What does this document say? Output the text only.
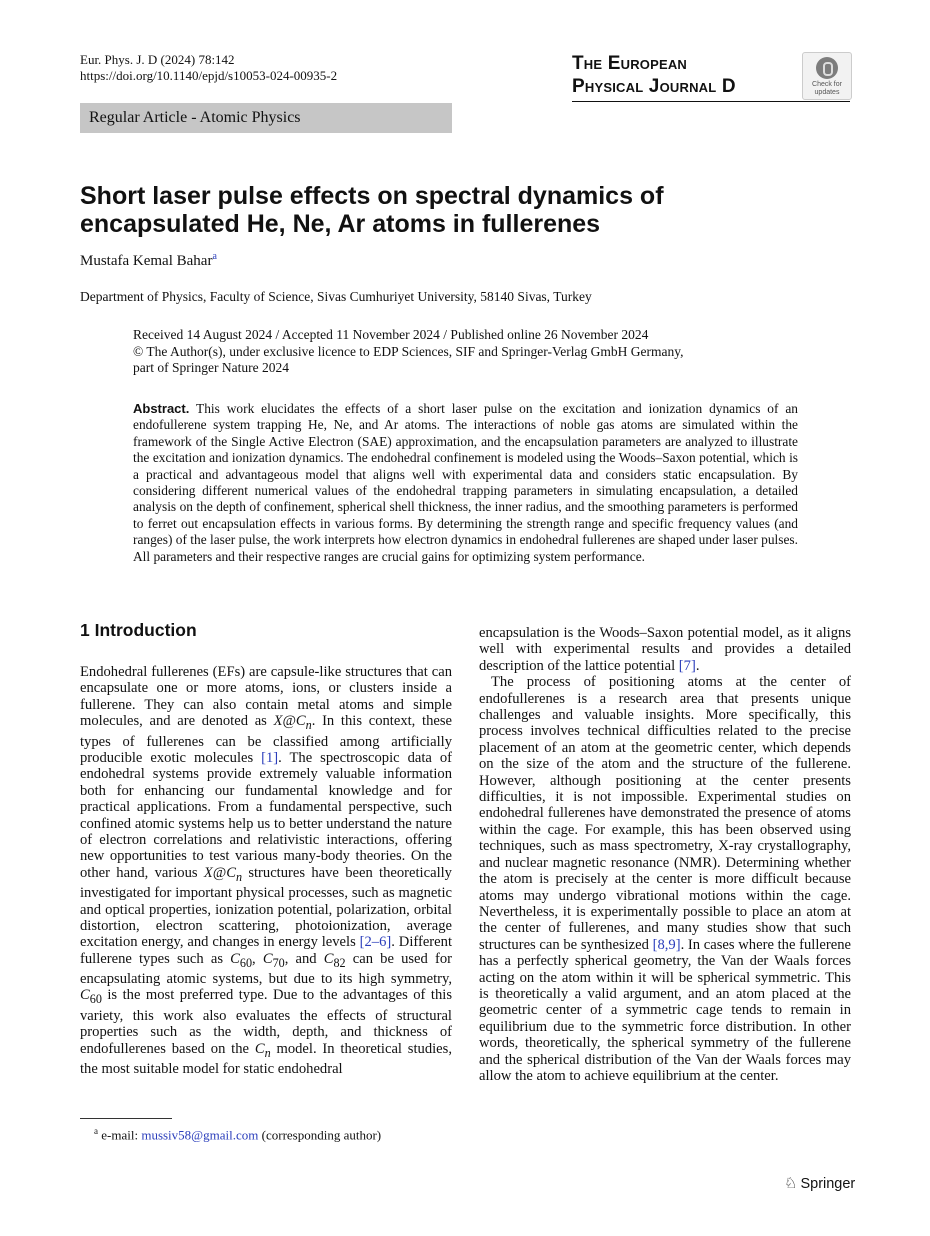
Eur. Phys. J. D (2024) 78:142
https://doi.org/10.1140/epjd/s10053-024-00935-2
The European
Physical Journal D	Check for
updates
Regular Article - Atomic Physics
Short laser pulse effects on spectral dynamics of encapsulated He, Ne, Ar atoms in fullerenes
Mustafa Kemal Bahar$^a$
Department of Physics, Faculty of Science, Sivas Cumhuriyet University, 58140 Sivas, Turkey
Received 14 August 2024 / Accepted 11 November 2024 / Published online 26 November 2024
© The Author(s), under exclusive licence to EDP Sciences, SIF and Springer-Verlag GmbH Germany,
part of Springer Nature 2024
Abstract. This work elucidates the effects of a short laser pulse on the excitation and ionization dynamics of an endofullerene system trapping He, Ne, and Ar atoms. The interactions of noble gas atoms are simulated within the framework of the Single Active Electron (SAE) approximation, and the encapsulation parameters are analyzed to illustrate the excitation and ionization dynamics. The endohedral confinement is modeled using the Woods–Saxon potential, which is a practical and advantageous model that aligns well with experimental data and considers static encapsulation. By considering different numerical values of the endohedral trapping parameters in simulating encapsulation, a detailed analysis on the depth of confinement, spherical shell thickness, the inner radius, and the smoothing parameters is performed to ferret out encapsulation effects in various forms. By determining the strength range and specific frequency values (and ranges) of the laser pulse, the work interprets how electron dynamics in endohedral fullerenes are shaped under laser pulses. All parameters and their respective ranges are crucial gains for optimizing system performance.
1 Introduction

Endohedral fullerenes (EFs) are capsule-like structures that can encapsulate one or more atoms, ions, or clusters inside a fullerene. They can also contain metal atoms and simple molecules, and are denoted as $X@C_n$. In this context, these types of fullerenes can be classified among artificially producible exotic molecules [1]. The spectroscopic data of endohedral systems provide extremely valuable information both for enhancing our fundamental knowledge and for practical applications. From a fundamental perspective, such confined atomic systems help us to better understand the nature of electron correlations and relativistic interactions, offering new opportunities to test various many-body theories. On the other hand, various $X@C_n$ structures have been theoretically investigated for important physical processes, such as magnetic and optical properties, ionization potential, polarization, orbital distortion, electron scattering, photoionization, average excitation energy, and changes in energy levels [2–6]. Different fullerene types such as $C_{60}$, $C_{70}$, and $C_{82}$ can be used for encapsulating atomic systems, but due to its high symmetry, $C_{60}$ is the most preferred type. Due to the advantages of this variety, this work also evaluates the effects of structural properties such as the width, depth, and thickness of endofullerenes based on the $C_n$ model. In theoretical studies, the most suitable model for static endohedral

encapsulation is the Woods–Saxon potential model, as it aligns well with experimental results and provides a detailed description of the lattice potential [7].

The process of positioning atoms at the center of endofullerenes is a research area that presents unique challenges and valuable insights. More specifically, this process involves technical difficulties related to the precise placement of an atom at the geometric center, which depends on the size of the atom and the structure of the fullerene. However, although positioning at the center presents difficulties, it is not impossible. Experimental studies on endohedral fullerenes have demonstrated the presence of atoms within the cage. For example, this has been observed using techniques, such as mass spectrometry, X-ray crystallography, and nuclear magnetic resonance (NMR). Determining whether the atom is precisely at the center is more difficult because atoms may undergo vibrational motions within the cage. Nevertheless, it is experimentally possible to place an atom at the center of fullerenes, and many studies show that such structures can be synthesized [8,9]. In cases where the fullerene has a perfectly spherical geometry, the Van der Waals forces acting on the atom within it will be spherical symmetric. This is theoretically a valid argument, and an atom placed at the geometric center of a symmetric cage tends to remain in equilibrium due to the symmetric force distribution. In other words, theoretically, the spherical symmetry of the fullerene and the spherical distribution of the Van der Waals forces may allow the atom to achieve equilibrium at the center.

$^a$ e-mail: mussiv58@gmail.com (corresponding author)
♘ Springer
